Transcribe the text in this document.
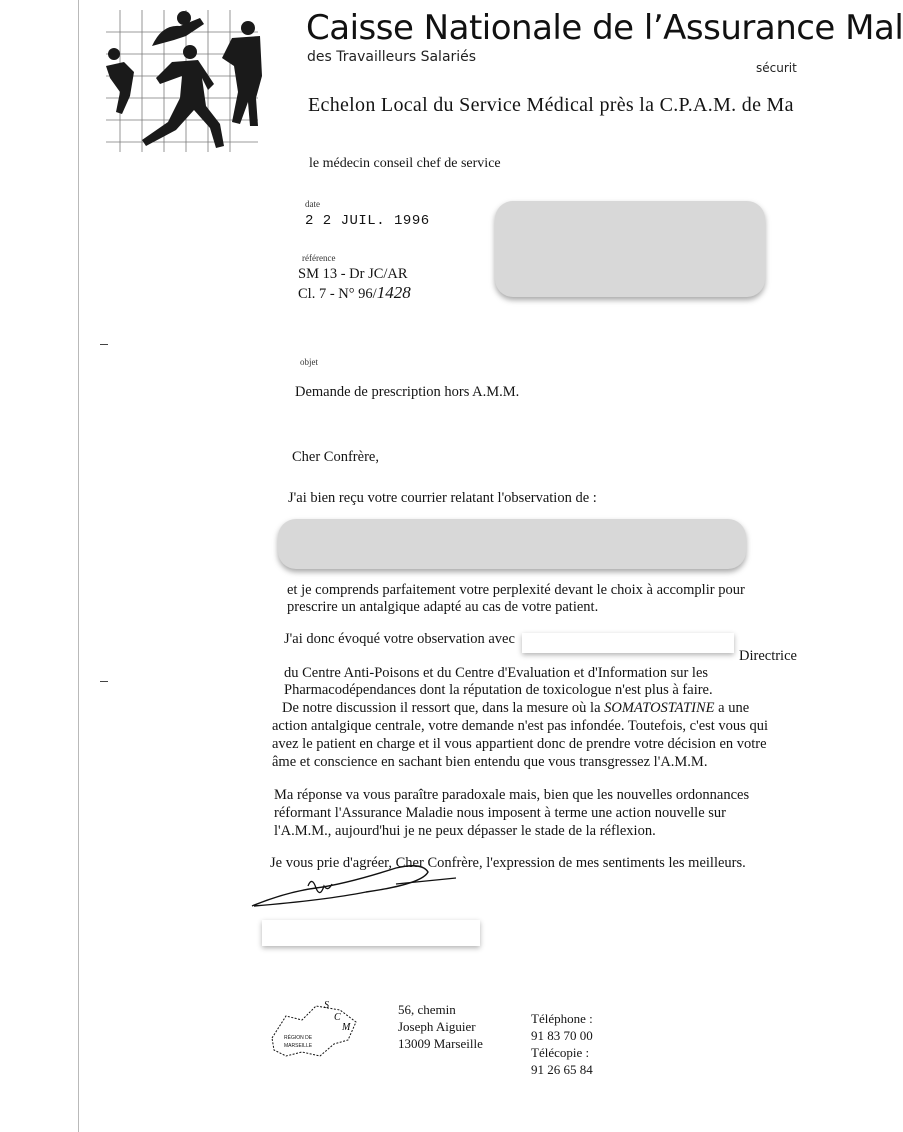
Caisse Nationale de l’Assurance Mal
des Travailleurs Salariés
sécurit
Echelon Local du Service Médical près la C.P.A.M. de Ma
le médecin conseil chef de service
date
2 2 JUIL. 1996
référence
SM 13 - Dr JC/AR
Cl. 7 - N° 96/1428
objet
Demande de prescription hors A.M.M.
Cher Confrère,
J'ai bien reçu votre courrier relatant l'observation de :
et je comprends parfaitement votre perplexité devant le choix à accomplir pour
prescrire un antalgique adapté au cas de votre patient.
J'ai donc évoqué votre observation avec
Directrice
du Centre Anti-Poisons et du Centre d'Evaluation et d'Information sur les
Pharmacodépendances dont la réputation de toxicologue n'est plus à faire.
De notre discussion il ressort que, dans la mesure où la SOMATOSTATINE a une
action antalgique centrale, votre demande n'est pas infondée. Toutefois, c'est vous qui
avez le patient en charge et il vous appartient donc de prendre votre décision en votre
âme et conscience en sachant bien entendu que vous transgressez l'A.M.M.
Ma réponse va vous paraître paradoxale mais, bien que les nouvelles ordonnances
réformant l'Assurance Maladie nous imposent à terme une action nouvelle sur
l'A.M.M., aujourd'hui je ne peux dépasser le stade de la réflexion.
Je vous prie d'agréer, Cher Confrère, l'expression de mes sentiments les meilleurs.
S
C
M
RÉGION DE
MARSEILLE
56, chemin
Joseph Aiguier
13009 Marseille
Téléphone :
91 83 70 00
Télécopie :
91 26 65 84
